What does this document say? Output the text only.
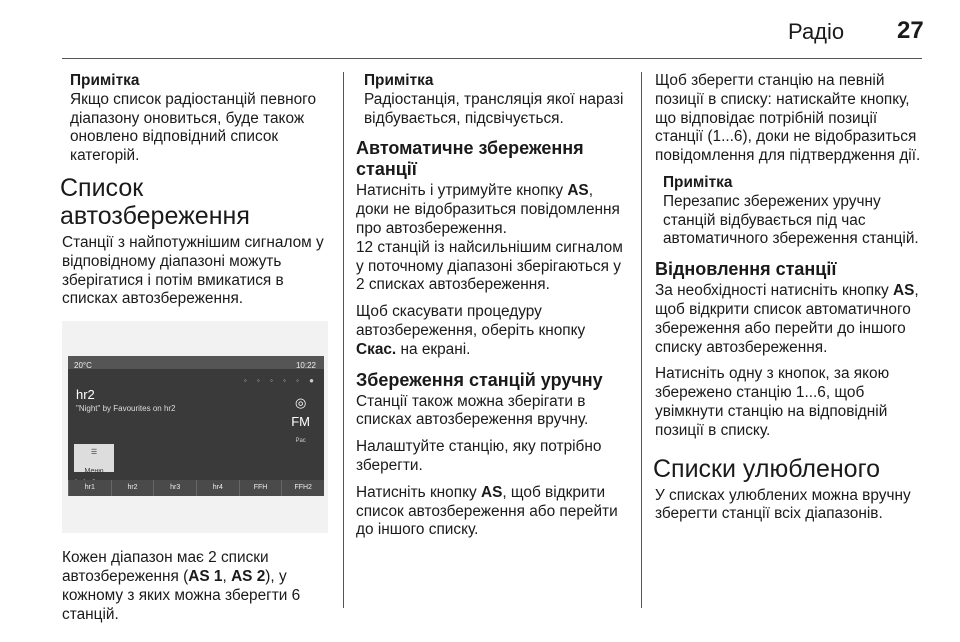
Радіо 27
Примітка
Якщо список радіостанцій певного діапазону оновиться, буде також оновлено відповідний список категорій.
Список автозбереження

Станції з найпотужнішим сигналом у відповідному діапазоні можуть зберігатися і потім вмикатися в списках автозбереження.

20°C	10:22
◦ ◦ ◦ ◦ ◦ ●
hr2
"Night" by Favourites on hr2	◎
FM
Pac
☰
Меню
hr1	hr2	hr3	hr4	FFH	FFH2

Кожен діапазон має 2 списки автозбереження (AS 1, AS 2), у кожному з яких можна зберегти 6 станцій.

Примітка
Радіостанція, трансляція якої наразі відбувається, підсвічується.
Автоматичне збереження станції

Натисніть і утримуйте кнопку AS, доки не відобразиться повідомлення про автозбереження.

12 станцій із найсильнішим сигналом у поточному діапазоні зберігаються у 2 списках автозбереження.

Щоб скасувати процедуру автозбереження, оберіть кнопку Скас. на екрані.

Збереження станцій уручну

Станції також можна зберігати в списках автозбереження вручну.

Налаштуйте станцію, яку потрібно зберегти.

Натисніть кнопку AS, щоб відкрити список автозбереження або перейти до іншого списку.

Щоб зберегти станцію на певній позиції в списку: натискайте кнопку, що відповідає потрібній позиції станції (1...6), доки не відобразиться повідомлення для підтвердження дії.

Примітка
Перезапис збережених уручну станцій відбувається під час автоматичного збереження станцій.
Відновлення станції

За необхідності натисніть кнопку AS, щоб відкрити список автоматичного збереження або перейти до іншого списку автозбереження.

Натисніть одну з кнопок, за якою збережено станцію 1...6, щоб увімкнути станцію на відповідній позиції в списку.

Списки улюбленого

У списках улюблених можна вручну зберегти станції всіх діапазонів.
